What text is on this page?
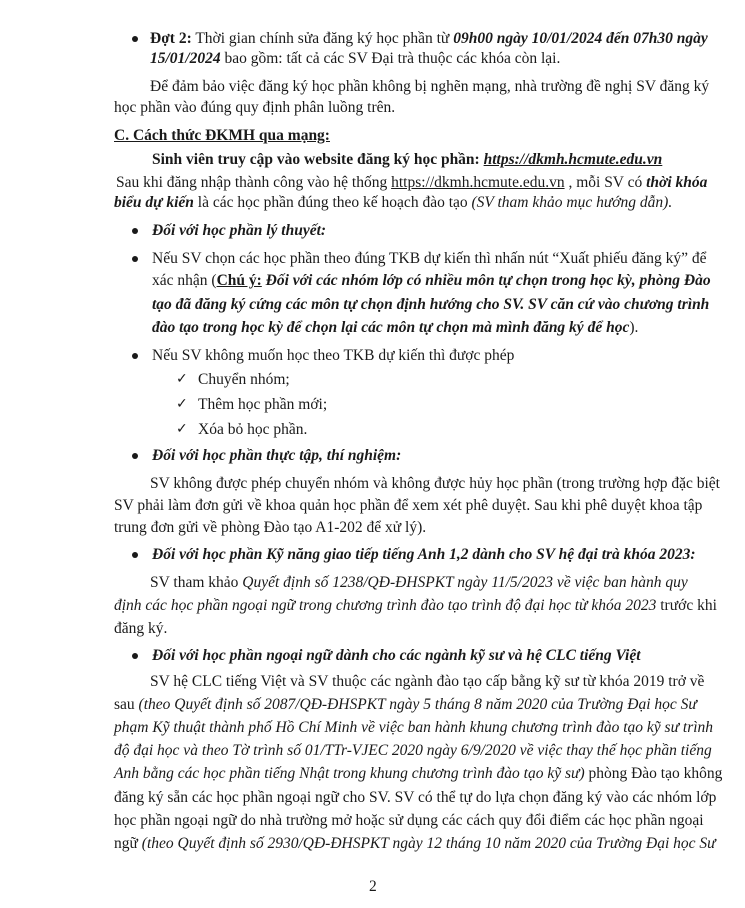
Đợt 2: Thời gian chính sửa đăng ký học phần từ 09h00 ngày 10/01/2024 đến 07h30 ngày
15/01/2024 bao gồm: tất cả các SV Đại trà thuộc các khóa còn lại.
Để đảm bảo việc đăng ký học phần không bị nghẽn mạng, nhà trường đề nghị SV đăng ký
học phần vào đúng quy định phân luồng trên.
C. Cách thức ĐKMH qua mạng:
Sinh viên truy cập vào website đăng ký học phần: https://dkmh.hcmute.edu.vn
Sau khi đăng nhập thành công vào hệ thống https://dkmh.hcmute.edu.vn , mỗi SV có thời khóa
biểu dự kiến là các học phần đúng theo kế hoạch đào tạo (SV tham khảo mục hướng dẫn).
Đối với học phần lý thuyết:
Nếu SV chọn các học phần theo đúng TKB dự kiến thì nhấn nút “Xuất phiếu đăng ký” để
xác nhận (Chú ý: Đối với các nhóm lớp có nhiều môn tự chọn trong học kỳ, phòng Đào
tạo đã đăng ký cứng các môn tự chọn định hướng cho SV. SV căn cứ vào chương trình
đào tạo trong học kỳ để chọn lại các môn tự chọn mà mình đăng ký để học).
Nếu SV không muốn học theo TKB dự kiến thì được phép
✓ Chuyển nhóm;
✓ Thêm học phần mới;
✓ Xóa bỏ học phần.
Đối với học phần thực tập, thí nghiệm:
SV không được phép chuyển nhóm và không được hủy học phần (trong trường hợp đặc biệt
SV phải làm đơn gửi về khoa quản học phần để xem xét phê duyệt. Sau khi phê duyệt khoa tập
trung đơn gửi về phòng Đào tạo A1-202 để xử lý).
Đối với học phần Kỹ năng giao tiếp tiếng Anh 1,2 dành cho SV hệ đại trà khóa 2023:
SV tham khảo Quyết định số 1238/QĐ-ĐHSPKT ngày 11/5/2023 về việc ban hành quy
định các học phần ngoại ngữ trong chương trình đào tạo trình độ đại học từ khóa 2023 trước khi
đăng ký.
Đối với học phần ngoại ngữ dành cho các ngành kỹ sư và hệ CLC tiếng Việt
SV hệ CLC tiếng Việt và SV thuộc các ngành đào tạo cấp bằng kỹ sư từ khóa 2019 trở về
sau (theo Quyết định số 2087/QĐ-ĐHSPKT ngày 5 tháng 8 năm 2020 của Trường Đại học Sư
phạm Kỹ thuật thành phố Hồ Chí Minh về việc ban hành khung chương trình đào tạo kỹ sư trình
độ đại học và theo Tờ trình số 01/TTr-VJEC 2020 ngày 6/9/2020 về việc thay thế học phần tiếng
Anh bằng các học phần tiếng Nhật trong khung chương trình đào tạo kỹ sư) phòng Đào tạo không
đăng ký sẵn các học phần ngoại ngữ cho SV. SV có thể tự do lựa chọn đăng ký vào các nhóm lớp
học phần ngoại ngữ do nhà trường mở hoặc sử dụng các cách quy đổi điểm các học phần ngoại
ngữ (theo Quyết định số 2930/QĐ-ĐHSPKT ngày 12 tháng 10 năm 2020 của Trường Đại học Sư
2
